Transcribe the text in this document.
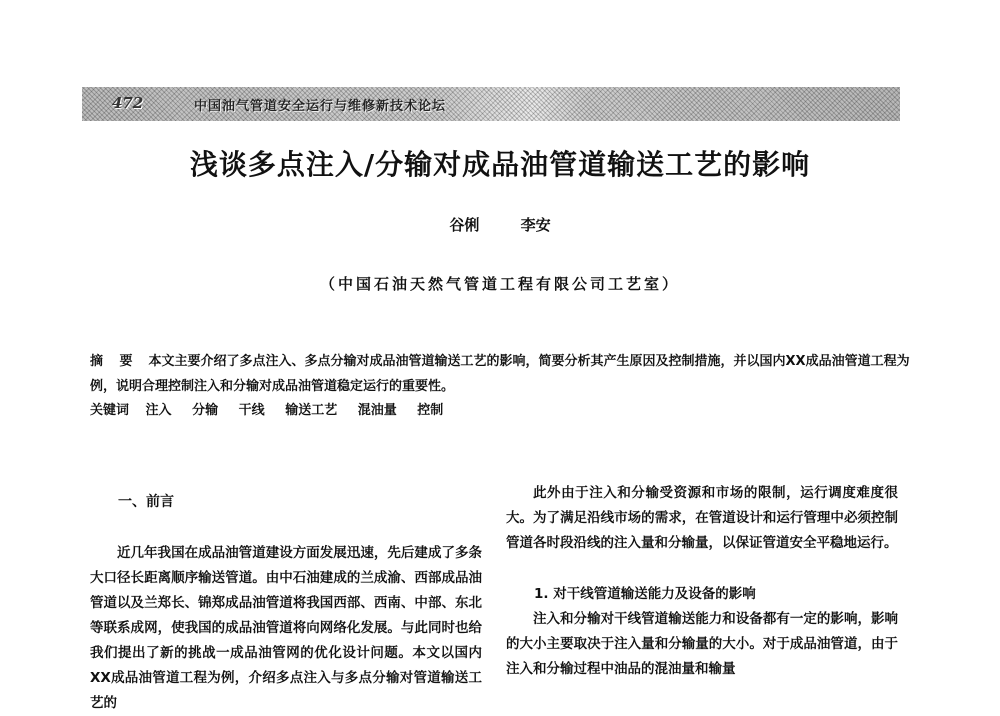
472	中国油气管道安全运行与维修新技术论坛
浅谈多点注入/分输对成品油管道输送工艺的影响
谷俐	李安
（中国石油天然气管道工程有限公司工艺室）
摘 要 本文主要介绍了多点注入、多点分输对成品油管道输送工艺的影响，简要分析其产生原因及控制措施，并以国内XX成品油管道工程为例，说明合理控制注入和分输对成品油管道稳定运行的重要性。
关键词 注入 分输 干线 输送工艺 混油量 控制
一、前言

近几年我国在成品油管道建设方面发展迅速，先后建成了多条大口径长距离顺序输送管道。由中石油建成的兰成渝、西部成品油管道以及兰郑长、锦郑成品油管道将我国西部、西南、中部、东北等联系成网，使我国的成品油管道将向网络化发展。与此同时也给我们提出了新的挑战一成品油管网的优化设计问题。本文以国内XX成品油管道工程为例，介绍多点注入与多点分输对管道输送工艺的

此外由于注入和分输受资源和市场的限制，运行调度难度很大。为了满足沿线市场的需求，在管道设计和运行管理中必须控制管道各时段沿线的注入量和分输量，以保证管道安全平稳地运行。

1. 对干线管道输送能力及设备的影响

注入和分输对干线管道输送能力和设备都有一定的影响，影响的大小主要取决于注入量和分输量的大小。对于成品油管道，由于注入和分输过程中油品的混油量和输量
